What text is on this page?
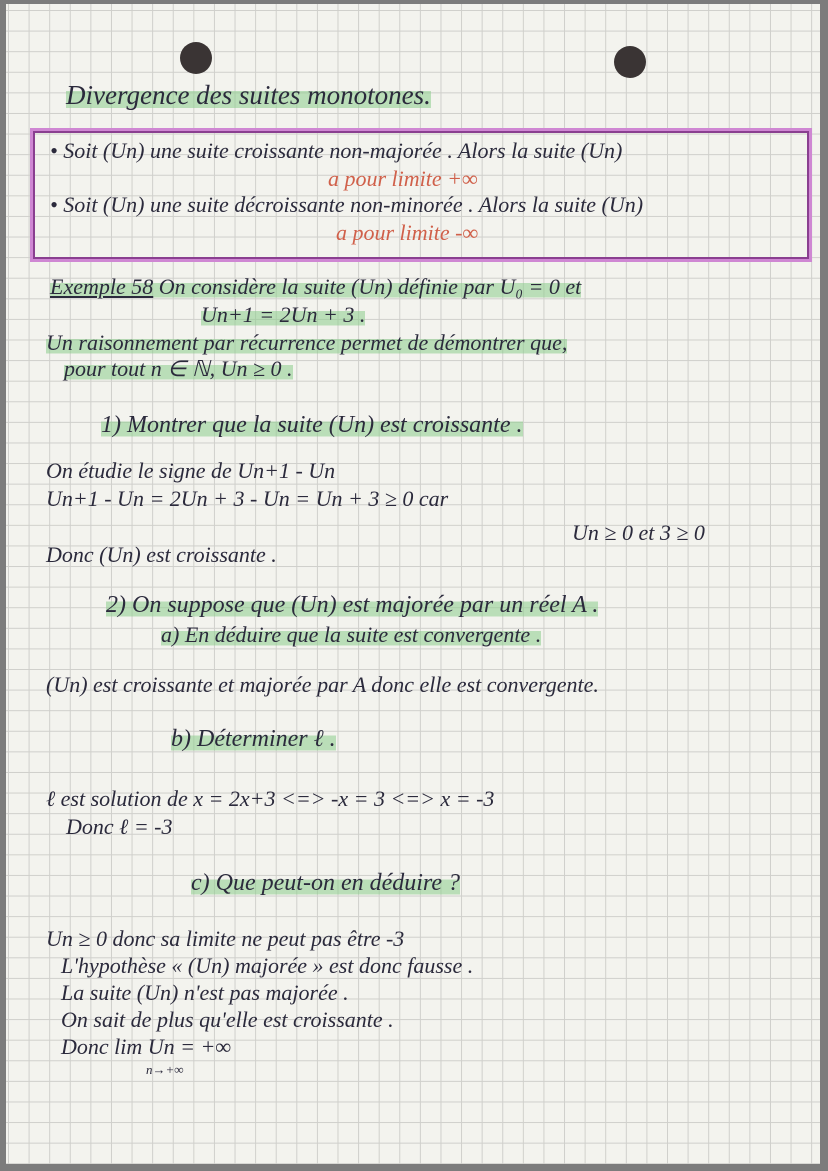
Divergence des suites monotones.
• Soit (Un) une suite croissante non-majorée . Alors la suite (Un)
a pour limite +∞
• Soit (Un) une suite décroissante non-minorée . Alors la suite (Un)
a pour limite -∞
Exemple 58 On considère la suite (Un) définie par U₀ = 0 et
Un+1 = 2Un + 3 .
Un raisonnement par récurrence permet de démontrer que,
pour tout n ∈ ℕ, Un ≥ 0 .
1) Montrer que la suite (Un) est croissante .
On étudie le signe de Un+1 - Un
Un+1 - Un = 2Un + 3 - Un = Un + 3 ≥ 0 car
Un ≥ 0 et 3 ≥ 0
Donc (Un) est croissante .
2) On suppose que (Un) est majorée par un réel A .
a) En déduire que la suite est convergente .
(Un) est croissante et majorée par A donc elle est convergente.
b) Déterminer ℓ .
ℓ est solution de x = 2x+3 <=> -x = 3 <=> x = -3
Donc ℓ = -3
c) Que peut-on en déduire ?
Un ≥ 0 donc sa limite ne peut pas être -3
L'hypothèse « (Un) majorée » est donc fausse .
La suite (Un) n'est pas majorée .
On sait de plus qu'elle est croissante .
Donc lim Un = +∞
n→+∞
